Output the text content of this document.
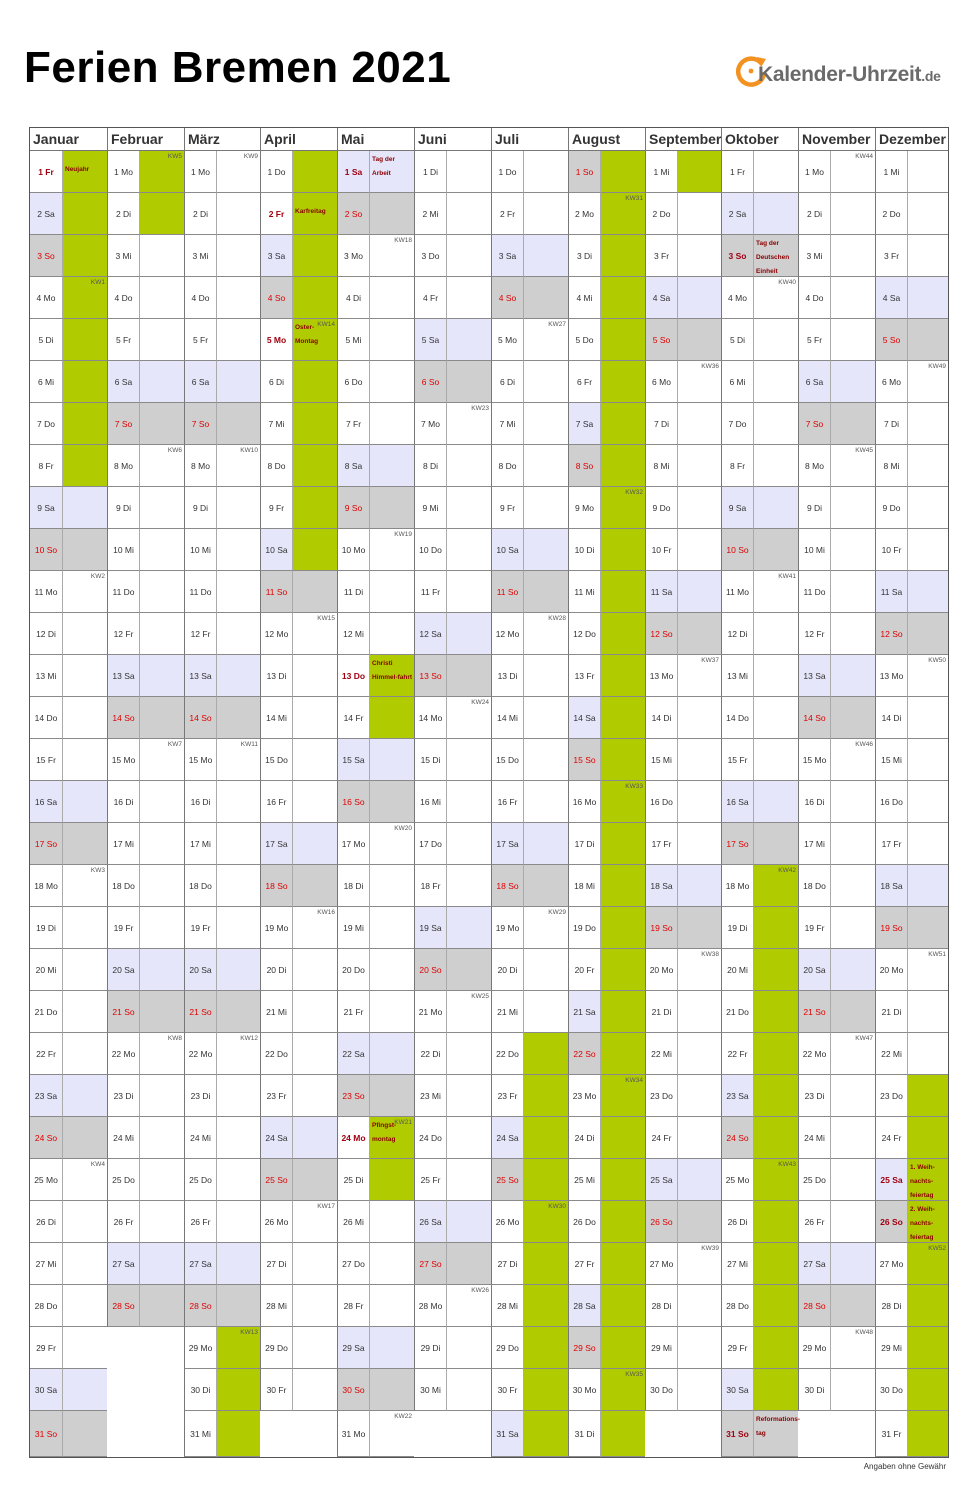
Ferien Bremen 2021	Kalender-Uhrzeit.de
Januar
1 Fr Neujahr
2 Sa
3 So
4 Mo
KW1
5 Di
6 Mi
7 Do
8 Fr
9 Sa
10 So
11 Mo
KW2
12 Di
13 Mi
14 Do
15 Fr
16 Sa
17 So
18 Mo
KW3
19 Di
20 Mi
21 Do
22 Fr
23 Sa
24 So
25 Mo
KW4
26 Di
27 Mi
28 Do
29 Fr
30 Sa
31 So
Februar
1 Mo
KW5
2 Di
3 Mi
4 Do
5 Fr
6 Sa
7 So
8 Mo
KW6
9 Di
10 Mi
11 Do
12 Fr
13 Sa
14 So
15 Mo
KW7
16 Di
17 Mi
18 Do
19 Fr
20 Sa
21 So
22 Mo
KW8
23 Di
24 Mi
25 Do
26 Fr
27 Sa
28 So
März
1 Mo
KW9
2 Di
3 Mi
4 Do
5 Fr
6 Sa
7 So
8 Mo
KW10
9 Di
10 Mi
11 Do
12 Fr
13 Sa
14 So
15 Mo
KW11
16 Di
17 Mi
18 Do
19 Fr
20 Sa
21 So
22 Mo
KW12
23 Di
24 Mi
25 Do
26 Fr
27 Sa
28 So
29 Mo
KW13
30 Di
31 Mi
April
1 Do
2 Fr Karfreitag
3 Sa
4 So
5 Mo
KW14
Oster-Montag
6 Di
7 Mi
8 Do
9 Fr
10 Sa
11 So
12 Mo
KW15
13 Di
14 Mi
15 Do
16 Fr
17 Sa
18 So
19 Mo
KW16
20 Di
21 Mi
22 Do
23 Fr
24 Sa
25 So
26 Mo
KW17
27 Di
28 Mi
29 Do
30 Fr
Mai
1 Sa
Tag der Arbeit
2 So
3 Mo
KW18
4 Di
5 Mi
6 Do
7 Fr
8 Sa
9 So
10 Mo
KW19
11 Di
12 Mi
13 Do
Christi Himmel-fahrt
14 Fr
15 Sa
16 So
17 Mo
KW20
18 Di
19 Mi
20 Do
21 Fr
22 Sa
23 So
24 Mo
KW21
Pfingst-montag
25 Di
26 Mi
27 Do
28 Fr
29 Sa
30 So
31 Mo
KW22
Juni
1 Di
2 Mi
3 Do
4 Fr
5 Sa
6 So
7 Mo
KW23
8 Di
9 Mi
10 Do
11 Fr
12 Sa
13 So
14 Mo
KW24
15 Di
16 Mi
17 Do
18 Fr
19 Sa
20 So
21 Mo
KW25
22 Di
23 Mi
24 Do
25 Fr
26 Sa
27 So
28 Mo
KW26
29 Di
30 Mi
Juli
1 Do
2 Fr
3 Sa
4 So
5 Mo
KW27
6 Di
7 Mi
8 Do
9 Fr
10 Sa
11 So
12 Mo
KW28
13 Di
14 Mi
15 Do
16 Fr
17 Sa
18 So
19 Mo
KW29
20 Di
21 Mi
22 Do
23 Fr
24 Sa
25 So
26 Mo
KW30
27 Di
28 Mi
29 Do
30 Fr
31 Sa
August
1 So
2 Mo
KW31
3 Di
4 Mi
5 Do
6 Fr
7 Sa
8 So
9 Mo
KW32
10 Di
11 Mi
12 Do
13 Fr
14 Sa
15 So
16 Mo
KW33
17 Di
18 Mi
19 Do
20 Fr
21 Sa
22 So
23 Mo
KW34
24 Di
25 Mi
26 Do
27 Fr
28 Sa
29 So
30 Mo
KW35
31 Di
September
1 Mi
2 Do
3 Fr
4 Sa
5 So
6 Mo
KW36
7 Di
8 Mi
9 Do
10 Fr
11 Sa
12 So
13 Mo
KW37
14 Di
15 Mi
16 Do
17 Fr
18 Sa
19 So
20 Mo
KW38
21 Di
22 Mi
23 Do
24 Fr
25 Sa
26 So
27 Mo
KW39
28 Di
29 Mi
30 Do
Oktober
1 Fr
2 Sa
3 So
Tag der Deutschen Einheit
4 Mo
KW40
5 Di
6 Mi
7 Do
8 Fr
9 Sa
10 So
11 Mo
KW41
12 Di
13 Mi
14 Do
15 Fr
16 Sa
17 So
18 Mo
KW42
19 Di
20 Mi
21 Do
22 Fr
23 Sa
24 So
25 Mo
KW43
26 Di
27 Mi
28 Do
29 Fr
30 Sa
31 So
Reformations-tag
November
1 Mo
KW44
2 Di
3 Mi
4 Do
5 Fr
6 Sa
7 So
8 Mo
KW45
9 Di
10 Mi
11 Do
12 Fr
13 Sa
14 So
15 Mo
KW46
16 Di
17 Mi
18 Do
19 Fr
20 Sa
21 So
22 Mo
KW47
23 Di
24 Mi
25 Do
26 Fr
27 Sa
28 So
29 Mo
KW48
30 Di
Dezember
1 Mi
2 Do
3 Fr
4 Sa
5 So
6 Mo
KW49
7 Di
8 Mi
9 Do
10 Fr
11 Sa
12 So
13 Mo
KW50
14 Di
15 Mi
16 Do
17 Fr
18 Sa
19 So
20 Mo
KW51
21 Di
22 Mi
23 Do
24 Fr
25 Sa
1. Weih-nachts-feiertag
26 So
2. Weih-nachts-feiertag
27 Mo
KW52
28 Di
29 Mi
30 Do
31 Fr
Angaben ohne Gewähr
